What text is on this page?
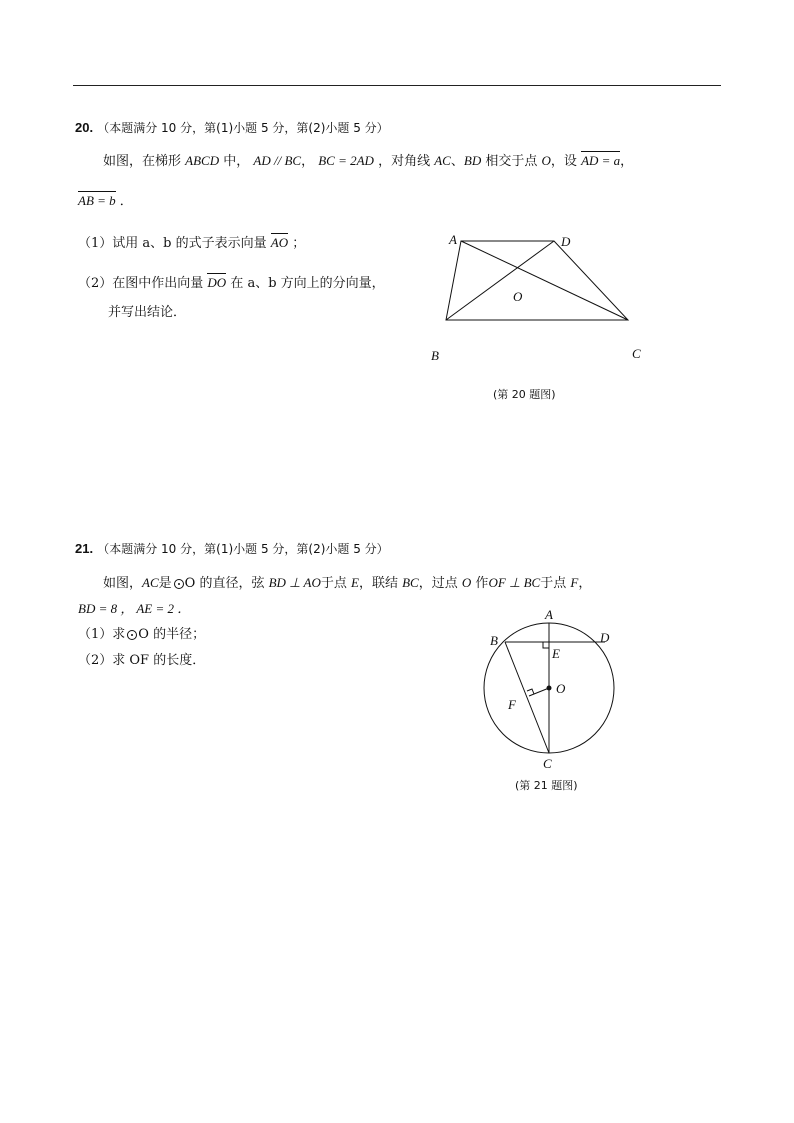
20. （本题满分 10 分，第(1)小题 5 分，第(2)小题 5 分）
如图，在梯形 ABCD 中， AD // BC， BC = 2AD ，对角线 AC、BD 相交于点 O，设 AD = a，
AB = b ．
（1）试用 a、b 的式子表示向量 AO ；
（2）在图中作出向量 DO 在 a、b 方向上的分向量，
并写出结论．
A	D
O
B	C
(第 20 题图)
21. （本题满分 10 分，第(1)小题 5 分，第(2)小题 5 分）
如图，AC是 O 的直径，弦 BD ⊥ AO于点 E，联结 BC，过点 O 作OF ⊥ BC于点 F，
BD = 8 ， AE = 2 ．
（1）求 O 的半径；
（2）求 OF 的长度．
A
B	D
E
O
F
C
(第 21 题图)
